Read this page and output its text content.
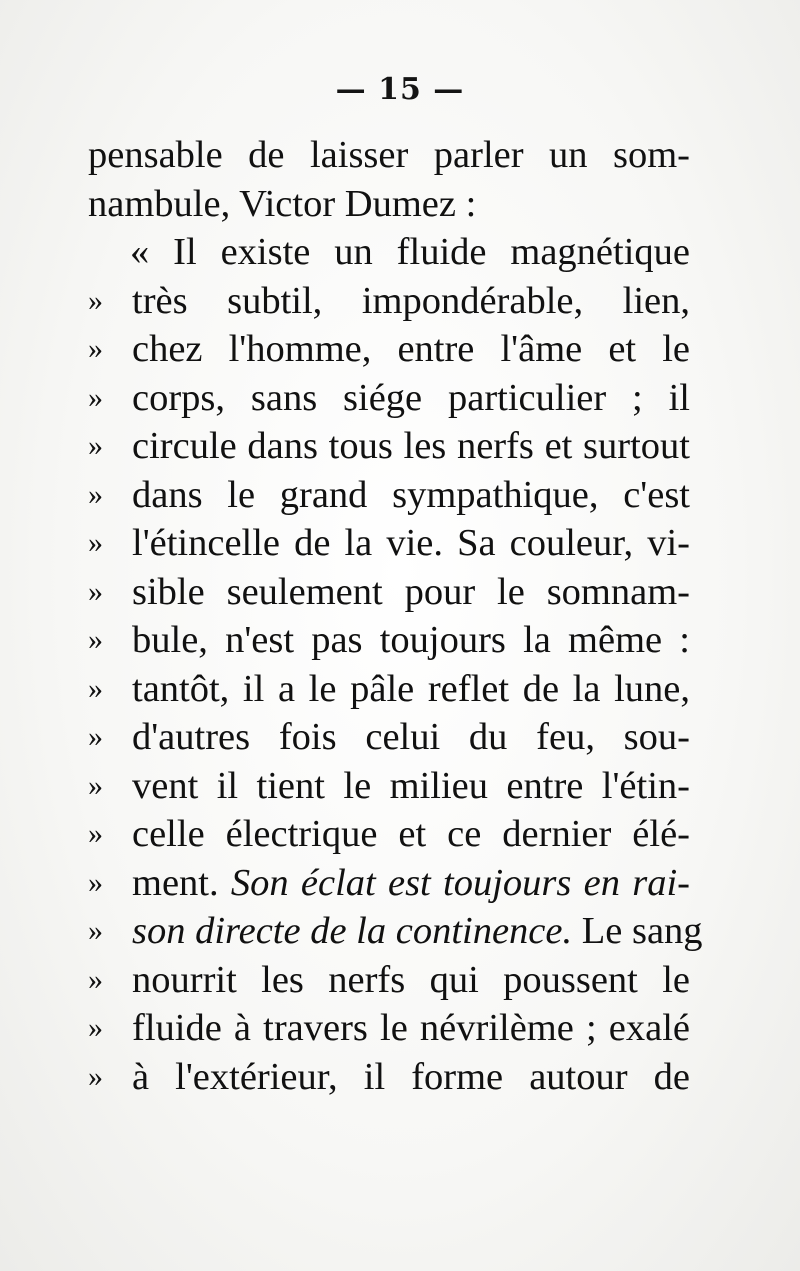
— 15 —
pensable de laisser parler un som-
nambule, Victor Dumez :
« Il existe un fluide magnétique
» très subtil, impondérable, lien,
» chez l'homme, entre l'âme et le
» corps, sans siége particulier ; il
» circule dans tous les nerfs et surtout
» dans le grand sympathique, c'est
» l'étincelle de la vie. Sa couleur, vi-
» sible seulement pour le somnam-
» bule, n'est pas toujours la même :
» tantôt, il a le pâle reflet de la lune,
» d'autres fois celui du feu, sou-
» vent il tient le milieu entre l'étin-
» celle électrique et ce dernier élé-
» ment. Son éclat est toujours en rai-
» son directe de la continence. Le sang
» nourrit les nerfs qui poussent le
» fluide à travers le névrilème ; exalé
» à l'extérieur, il forme autour de
